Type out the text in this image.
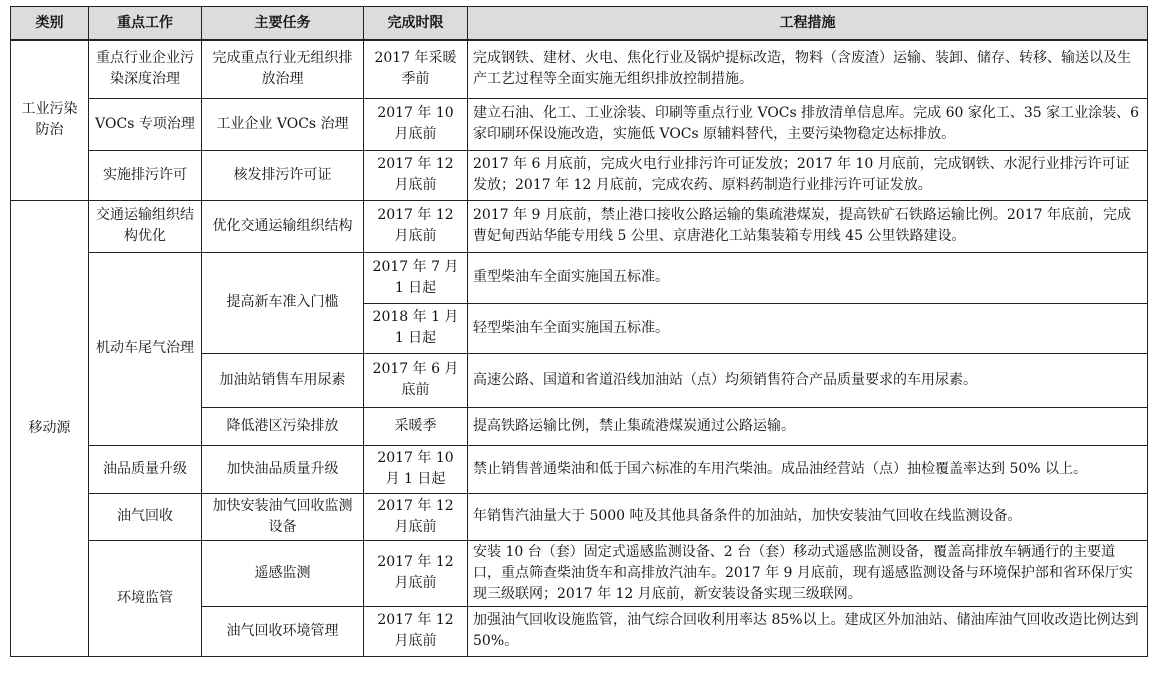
类别	重点工作	主要任务	完成时限	工程措施
工业污染防治	重点行业企业污染深度治理	完成重点行业无组织排放治理	2017 年采暖季前	完成钢铁、建材、火电、焦化行业及锅炉提标改造，物料（含废渣）运输、装卸、储存、转移、输送以及生产工艺过程等全面实施无组织排放控制措施。
	VOCs 专项治理	工业企业 VOCs 治理	2017 年 10 月底前	建立石油、化工、工业涂装、印刷等重点行业 VOCs 排放清单信息库。完成 60 家化工、35 家工业涂装、6 家印刷环保设施改造，实施低 VOCs 原辅料替代，主要污染物稳定达标排放。
	实施排污许可	核发排污许可证	2017 年 12 月底前	2017 年 6 月底前，完成火电行业排污许可证发放；2017 年 10 月底前，完成钢铁、水泥行业排污许可证发放；2017 年 12 月底前，完成农药、原料药制造行业排污许可证发放。
移动源	交通运输组织结构优化	优化交通运输组织结构	2017 年 12 月底前	2017 年 9 月底前，禁止港口接收公路运输的集疏港煤炭，提高铁矿石铁路运输比例。2017 年底前，完成曹妃甸西站华能专用线 5 公里、京唐港化工站集装箱专用线 45 公里铁路建设。
	机动车尾气治理	提高新车准入门槛	2017 年 7 月 1 日起	重型柴油车全面实施国五标准。
			2018 年 1 月 1 日起	轻型柴油车全面实施国五标准。
		加油站销售车用尿素	2017 年 6 月底前	高速公路、国道和省道沿线加油站（点）均须销售符合产品质量要求的车用尿素。
		降低港区污染排放	采暖季	提高铁路运输比例，禁止集疏港煤炭通过公路运输。
	油品质量升级	加快油品质量升级	2017 年 10 月 1 日起	禁止销售普通柴油和低于国六标准的车用汽柴油。成品油经营站（点）抽检覆盖率达到 50% 以上。
	油气回收	加快安装油气回收监测设备	2017 年 12 月底前	年销售汽油量大于 5000 吨及其他具备条件的加油站，加快安装油气回收在线监测设备。
	环境监管	遥感监测	2017 年 12 月底前	安装 10 台（套）固定式遥感监测设备、2 台（套）移动式遥感监测设备，覆盖高排放车辆通行的主要道口，重点筛查柴油货车和高排放汽油车。2017 年 9 月底前，现有遥感监测设备与环境保护部和省环保厅实现三级联网；2017 年 12 月底前，新安装设备实现三级联网。
		油气回收环境管理	2017 年 12 月底前	加强油气回收设施监管，油气综合回收利用率达 85%以上。建成区外加油站、储油库油气回收改造比例达到 50%。
